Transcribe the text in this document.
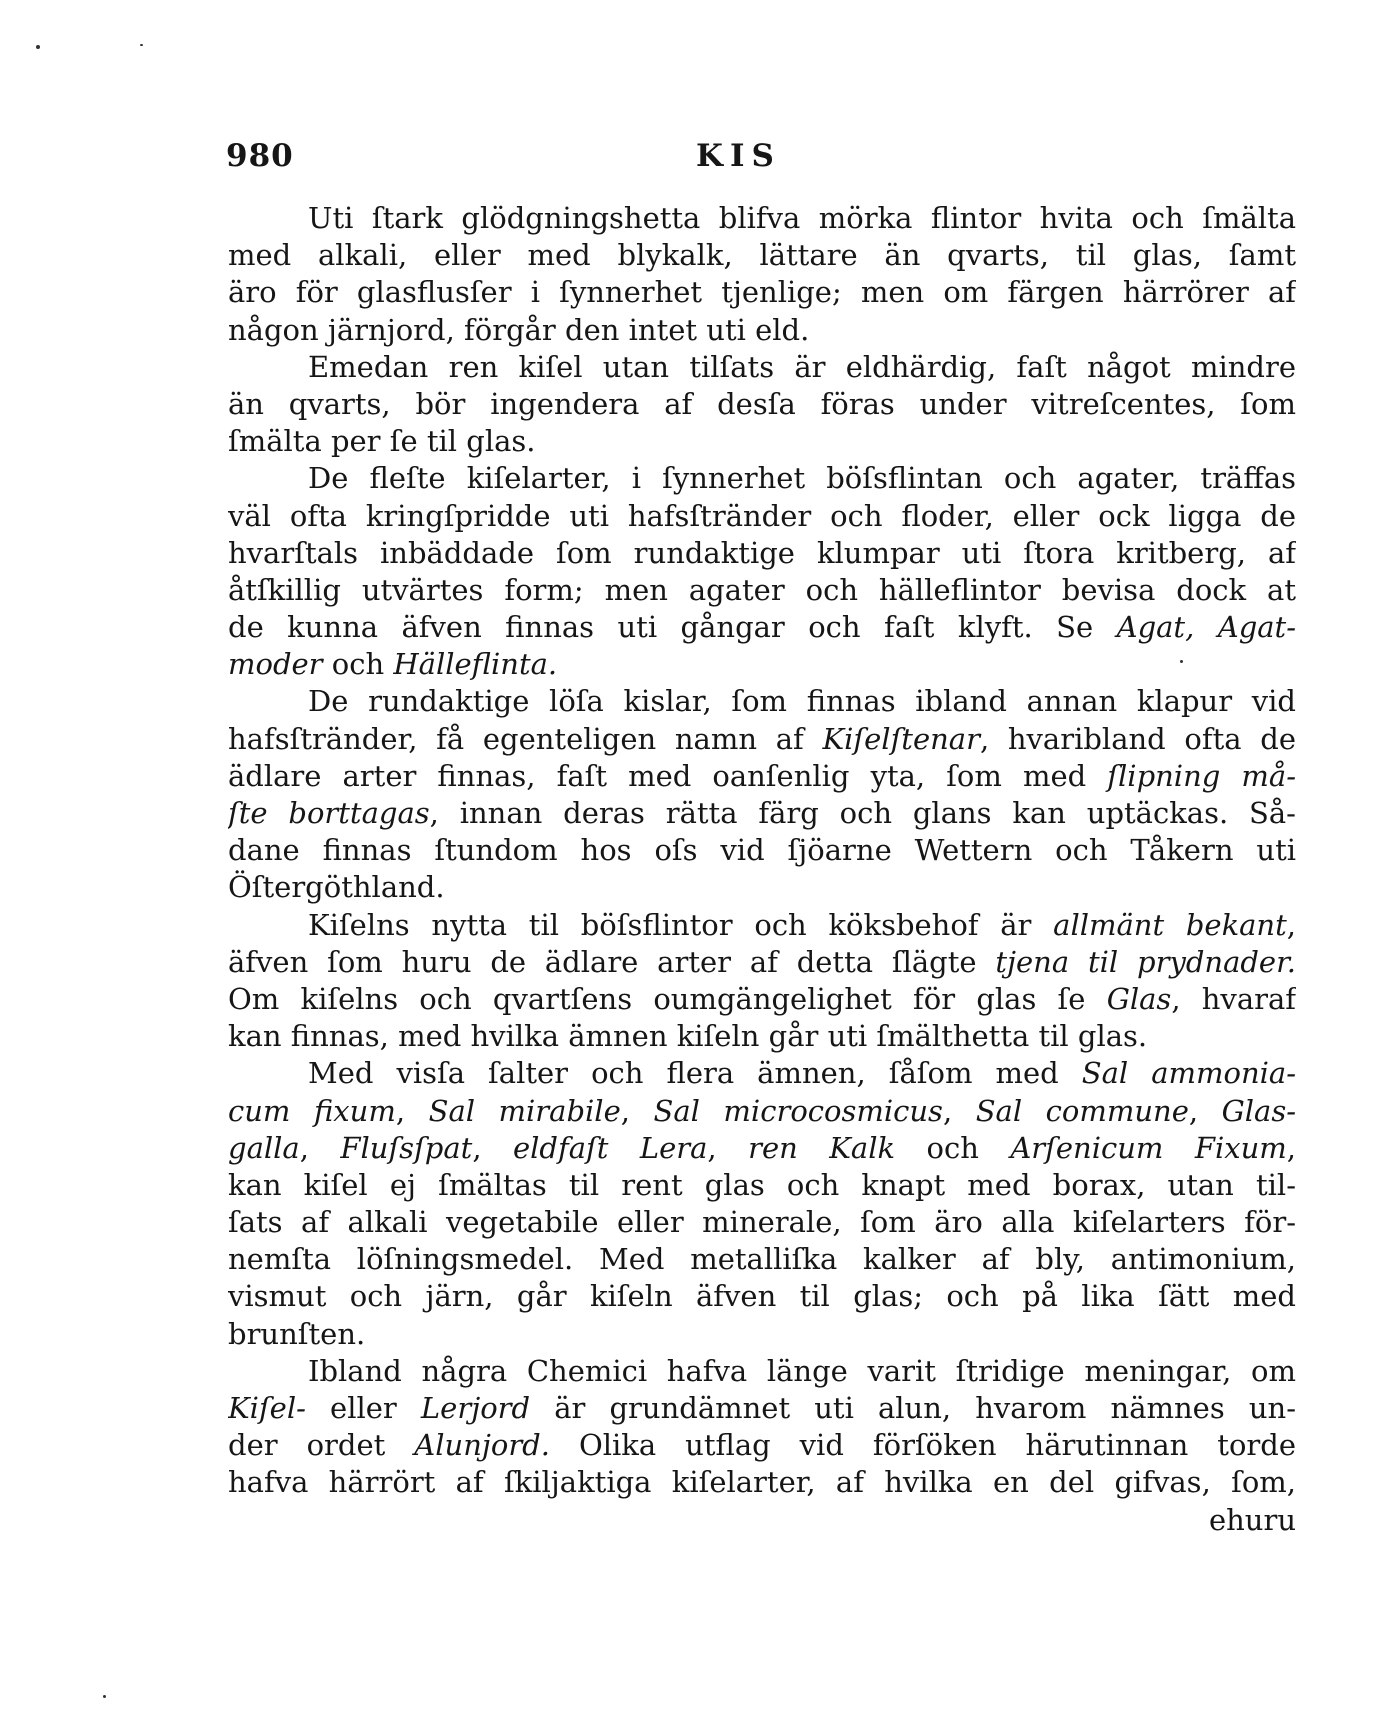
980	KIS
Uti ſtark glödgningshetta blifva mörka flintor hvita och ſmälta
med alkali, eller med blykalk, lättare än qvarts, til glas, ſamt
äro för glasflusſer i ſynnerhet tjenlige; men om färgen härrörer af
någon järnjord, förgår den intet uti eld.
Emedan ren kiſel utan tilſats är eldhärdig, faſt något mindre
än qvarts, bör ingendera af desſa föras under vitreſcentes, ſom
ſmälta per ſe til glas.
De fleſte kiſelarter, i ſynnerhet böſsflintan och agater, träffas
väl ofta kringſpridde uti hafsſtränder och floder, eller ock ligga de
hvarſtals inbäddade ſom rundaktige klumpar uti ſtora kritberg, af
åtſkillig utvärtes form; men agater och hälleflintor bevisa dock at
de kunna äfven finnas uti gångar och faſt klyft. Se Agat, Agat-
moder och Hälleflinta.
De rundaktige löſa kislar, ſom finnas ibland annan klapur vid
hafsſtränder, få egenteligen namn af Kiſelſtenar, hvaribland ofta de
ädlare arter finnas, faſt med oanſenlig yta, ſom med ſlipning må-
ſte borttagas, innan deras rätta färg och glans kan uptäckas. Så-
dane finnas ſtundom hos oſs vid ſjöarne Wettern och Tåkern uti
Öſtergöthland.
Kiſelns nytta til böſsflintor och köksbehof är allmänt bekant,
äfven ſom huru de ädlare arter af detta ſlägte tjena til prydnader.
Om kiſelns och qvartſens oumgängelighet för glas ſe Glas, hvaraf
kan finnas, med hvilka ämnen kiſeln går uti ſmälthetta til glas.
Med visſa ſalter och flera ämnen, ſåſom med Sal ammonia-
cum fixum, Sal mirabile, Sal microcosmicus, Sal commune, Glas-
galla, Fluſsſpat, eldfaſt Lera, ren Kalk och Arſenicum Fixum,
kan kiſel ej ſmältas til rent glas och knapt med borax, utan til-
ſats af alkali vegetabile eller minerale, ſom äro alla kiſelarters för-
nemſta löſningsmedel. Med metalliſka kalker af bly, antimonium,
vismut och järn, går kiſeln äfven til glas; och på lika ſätt med
brunſten.
Ibland några Chemici hafva länge varit ſtridige meningar, om
Kiſel- eller Lerjord är grundämnet uti alun, hvarom nämnes un-
der ordet Alunjord. Olika utflag vid förſöken härutinnan torde
hafva härrört af ſkiljaktiga kiſelarter, af hvilka en del gifvas, ſom,
ehuru
